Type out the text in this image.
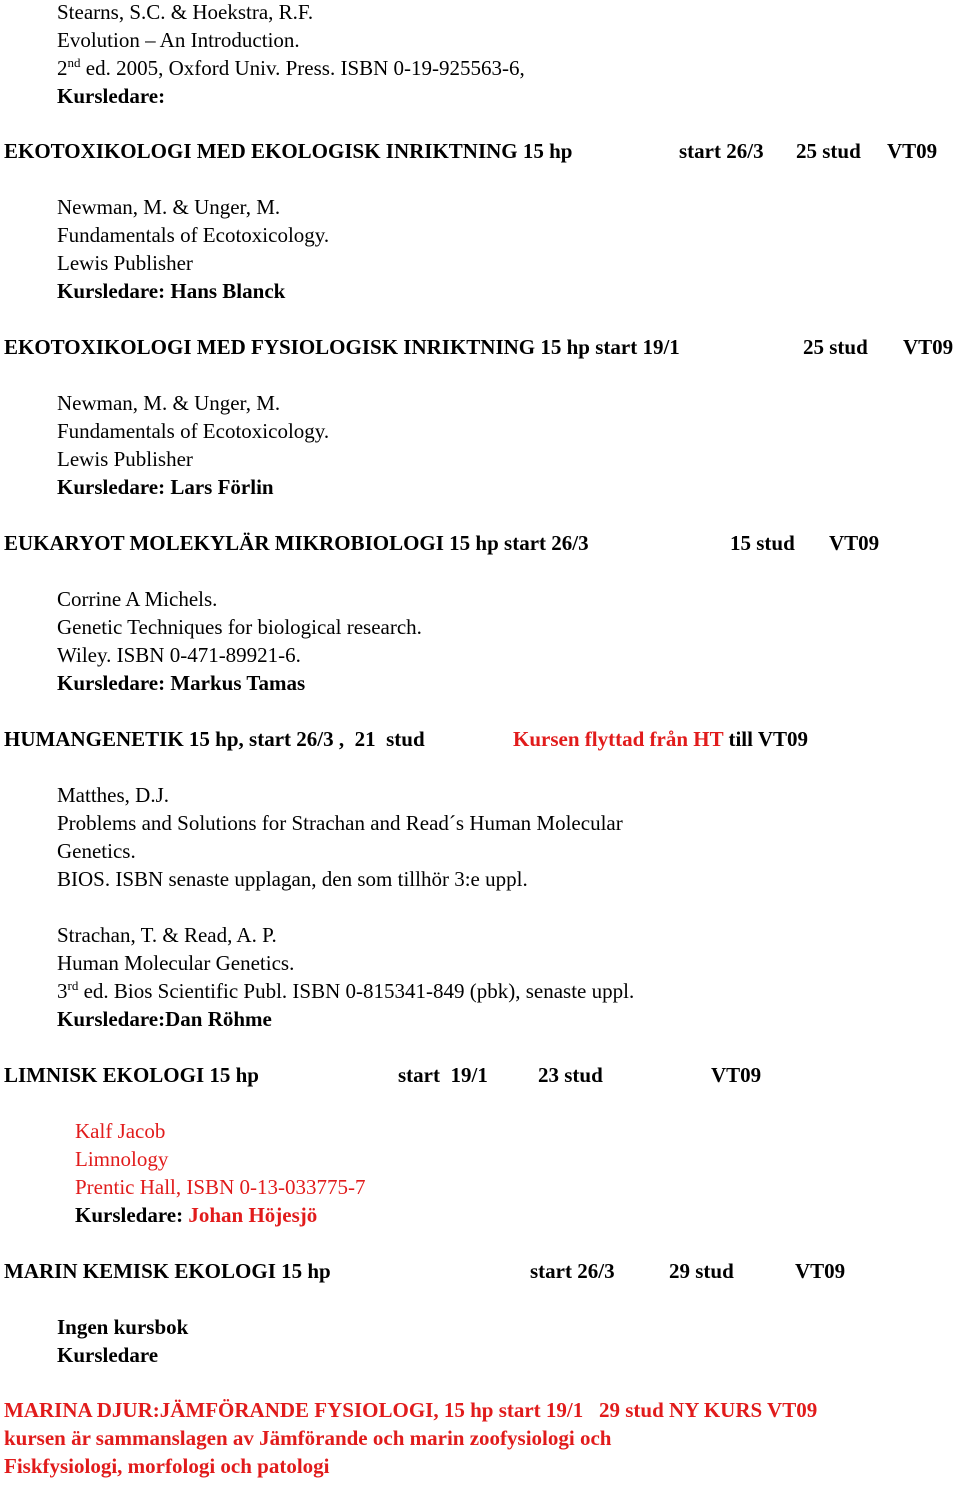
Stearns, S.C. & Hoekstra, R.F.
Evolution – An Introduction.
2nd ed. 2005, Oxford Univ. Press. ISBN 0-19-925563-6,
Kursledare:
EKOTOXIKOLOGI MED EKOLOGISK INRIKTNING 15 hp	start 26/3 25 stud VT09
Newman, M. & Unger, M.
Fundamentals of Ecotoxicology.
Lewis Publisher
Kursledare: Hans Blanck
EKOTOXIKOLOGI MED FYSIOLOGISK INRIKTNING 15 hp start 19/1	25 stud VT09
Newman, M. & Unger, M.
Fundamentals of Ecotoxicology.
Lewis Publisher
Kursledare: Lars Förlin
EUKARYOT MOLEKYLÄR MIKROBIOLOGI 15 hp start 26/3	15 stud VT09
Corrine A Michels.
Genetic Techniques for biological research.
Wiley. ISBN 0-471-89921-6.
Kursledare: Markus Tamas
HUMANGENETIK 15 hp, start 26/3 ,  21  stud	Kursen flyttad från HT till VT09
Matthes, D.J.
Problems and Solutions for Strachan and Read´s Human Molecular
Genetics.
BIOS. ISBN senaste upplagan, den som tillhör 3:e uppl.
Strachan, T. & Read, A. P.
Human Molecular Genetics.
3rd ed. Bios Scientific Publ. ISBN 0-815341-849 (pbk), senaste uppl.
Kursledare:Dan Röhme
LIMNISK EKOLOGI 15 hp	start  19/1 23 stud	VT09
Kalf Jacob
Limnology
Prentic Hall, ISBN 0-13-033775-7
Kursledare: Johan Höjesjö
MARIN KEMISK EKOLOGI 15 hp	start 26/3	29 stud	VT09
Ingen kursbok
Kursledare
MARINA DJUR:JÄMFÖRANDE FYSIOLOGI, 15 hp start 19/1   29 stud NY KURS VT09
kursen är sammanslagen av Jämförande och marin zoofysiologi och
Fiskfysiologi, morfologi och patologi
